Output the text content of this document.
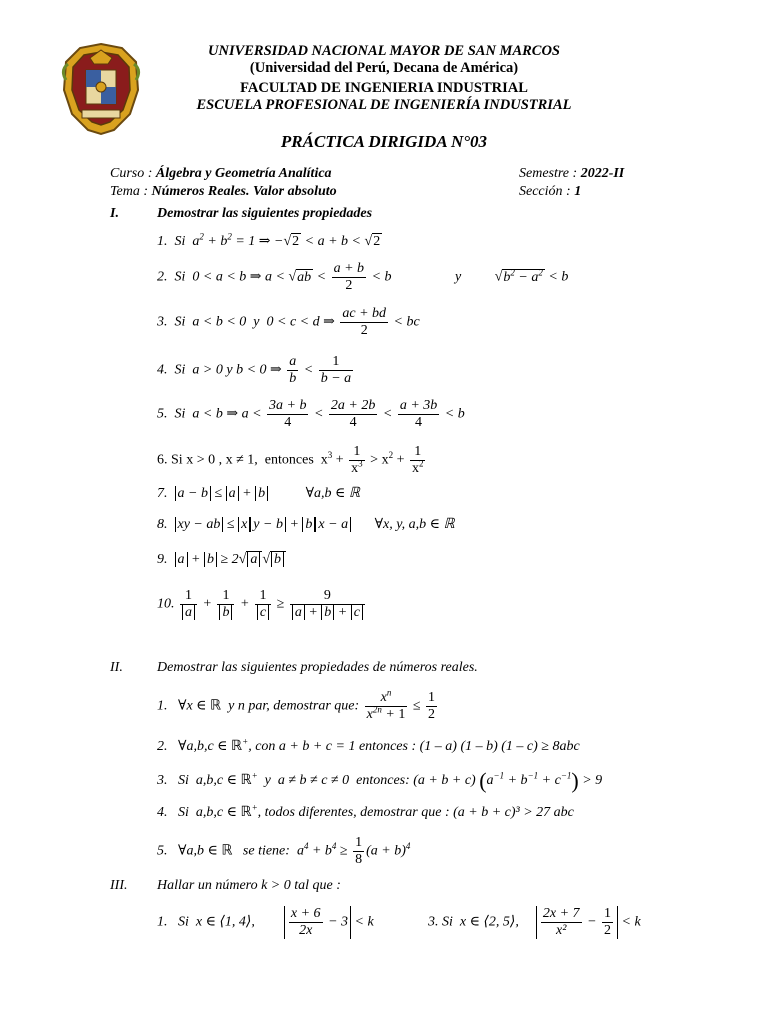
UNIVERSIDAD NACIONAL MAYOR DE SAN MARCOS
(Universidad del Perú, Decana de América)
FACULTAD DE INGENIERIA INDUSTRIAL
ESCUELA PROFESIONAL DE INGENIERÍA INDUSTRIAL
PRÁCTICA DIRIGIDA N°03
Curso : Álgebra y Geometría Analítica	Semestre : 2022-II
Tema : Números Reales. Valor absoluto	Sección : 1
I.	Demostrar las siguientes propiedades
1. Si  $a^2 + b^2 = 1$ ⇒ −√2 < a + b < √2
2. Si  0 < a < b ⇒ $a < √ab < \frac{a + b}{2} < b$	y $√b^2 - a^2 < b$
3. Si  a < b < 0  y  0 < c < d ⇒ $\frac{ac + bd}{2}$ < bc
4. Si  a > 0 y b < 0 ⇒ $\frac{a}{b} < \frac{1}{b - a}$
5. Si  a < b ⇒ $a < \frac{3a + b}{4} < \frac{2a + 2b}{4} < \frac{a + 3b}{4} < b$
6. Si x > 0 , x ≠ 1,  entonces  $x^3 + \frac{1}{x^3} > x^2 + \frac{1}{x^2}$
7. a − b ≤ a + b	∀a,b ∈ ℝ
8. xy − ab ≤ x y − b + b x − a ∀x, y, a,b ∈ ℝ
9. a + b ≥ 2√ a √ b
10. $\frac{1}{a} + \frac{1}{b} + \frac{1}{c} \ge \frac{9}{a + b + c}$
II. Demostrar las siguientes propiedades de números reales.
1.   ∀x ∈ ℝ y n par, demostrar que: $\frac{x^n}{x^{2n} + 1} \le \frac{1}{2}$
2.   ∀a,b,c ∈ ℝ+, con a + b + c = 1 entonces : (1 – a) (1 – b) (1 – c) ≥ 8abc
3.   Si  a,b,c ∈ ℝ+  y  a ≠ b ≠ c ≠ 0  entonces: (a + b + c) $(a^{-1} + b^{-1} + c^{-1}) > 9$
4.   Si  a,b,c ∈ ℝ+, todos diferentes, demostrar que : (a + b + c)³ > 27 abc
5.   ∀a,b ∈ ℝ se tiene:  $a^4 + b^4 \ge \frac{1}{8} (a + b)^4$
III. Hallar un número k > 0 tal que :
1.   Si  x ∈ ⟨1, 4⟩, $\frac{x + 6}{2x} - 3 < k$	3. Si  x ∈ ⟨2, 5⟩, $\frac{2x + 7}{\text{x²}} - \frac{1}{2} < k$
